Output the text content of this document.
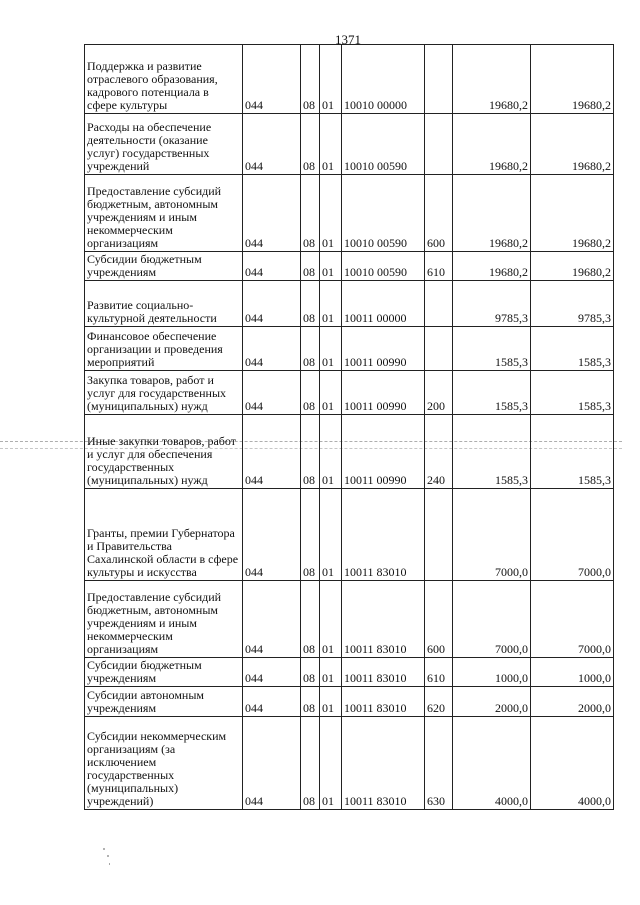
1371
Поддержка и развитие отраслевого образования, кадрового потенциала в сфере культуры	044	08	01	10010 00000		19680,2	19680,2
Расходы на обеспечение деятельности (оказание услуг) государственных учреждений	044	08	01	10010 00590		19680,2	19680,2
Предоставление субсидий бюджетным, автономным учреждениям и иным некоммерческим организациям	044	08	01	10010 00590	600	19680,2	19680,2
Субсидии бюджетным учреждениям	044	08	01	10010 00590	610	19680,2	19680,2
Развитие социально-культурной деятельности	044	08	01	10011 00000		9785,3	9785,3
Финансовое обеспечение организации и проведения мероприятий	044	08	01	10011 00990		1585,3	1585,3
Закупка товаров, работ и услуг для государственных (муниципальных) нужд	044	08	01	10011 00990	200	1585,3	1585,3
Иные закупки товаров, работ и услуг для обеспечения государственных (муниципальных) нужд	044	08	01	10011 00990	240	1585,3	1585,3
Гранты, премии Губернатора и Правительства Сахалинской области в сфере культуры и искусства	044	08	01	10011 83010		7000,0	7000,0
Предоставление субсидий бюджетным, автономным учреждениям и иным некоммерческим организациям	044	08	01	10011 83010	600	7000,0	7000,0
Субсидии бюджетным учреждениям	044	08	01	10011 83010	610	1000,0	1000,0
Субсидии автономным учреждениям	044	08	01	10011 83010	620	2000,0	2000,0
Субсидии некоммерческим организациям (за исключением государственных (муниципальных) учреждений)	044	08	01	10011 83010	630	4000,0	4000,0
